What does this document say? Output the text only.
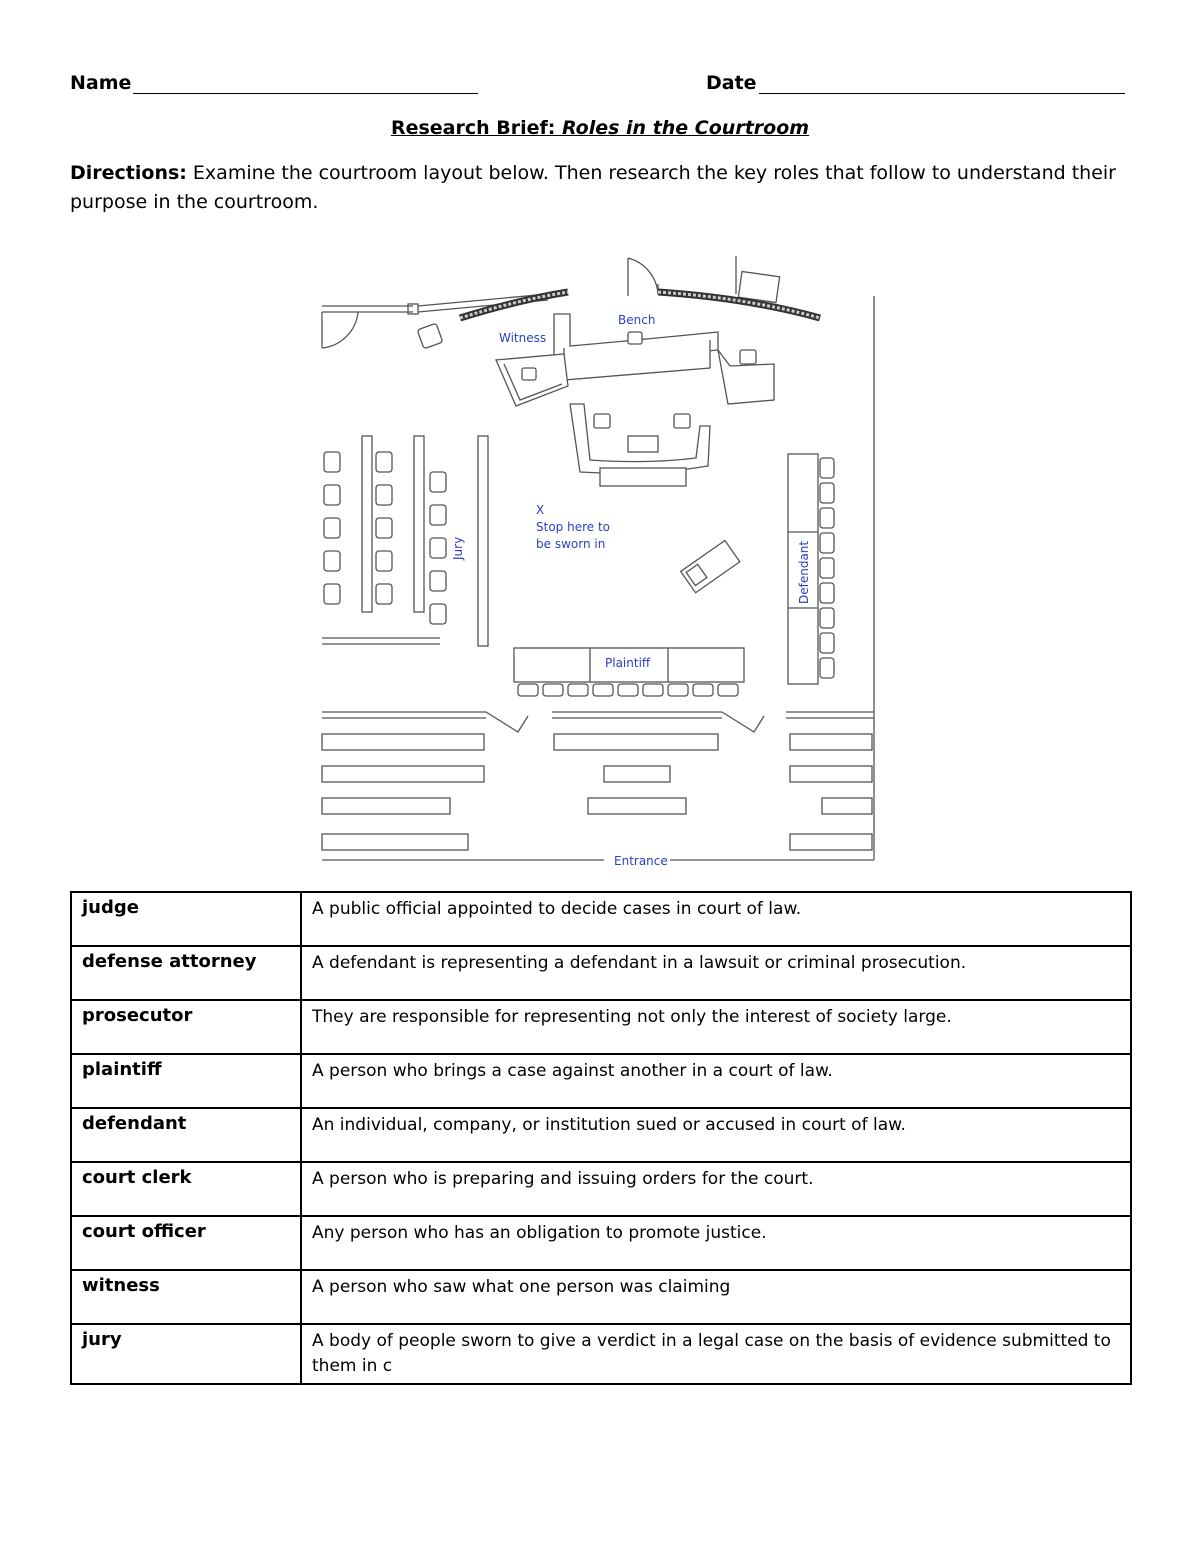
Name	Date
Research Brief: Roles in the Courtroom
Directions: Examine the courtroom layout below. Then research the key roles that follow to understand their purpose in the courtroom.
Bench
Witness
X
Stop here to
be sworn in
Plaintiff
Entrance
Jury	Defendant
judge	A public official appointed to decide cases in court of law.
defense attorney	A defendant is representing a defendant in a lawsuit or criminal prosecution.
prosecutor	They are responsible for representing not only the interest of society large.
plaintiff	A person who brings a case against another in a court of law.
defendant	An individual, company, or institution sued or accused in court of law.
court clerk	A person who is preparing and issuing orders for the court.
court officer	Any person who has an obligation to promote justice.
witness	A person who saw what one person was claiming
jury	A body of people sworn to give a verdict in a legal case on the basis of evidence submitted to them in c
